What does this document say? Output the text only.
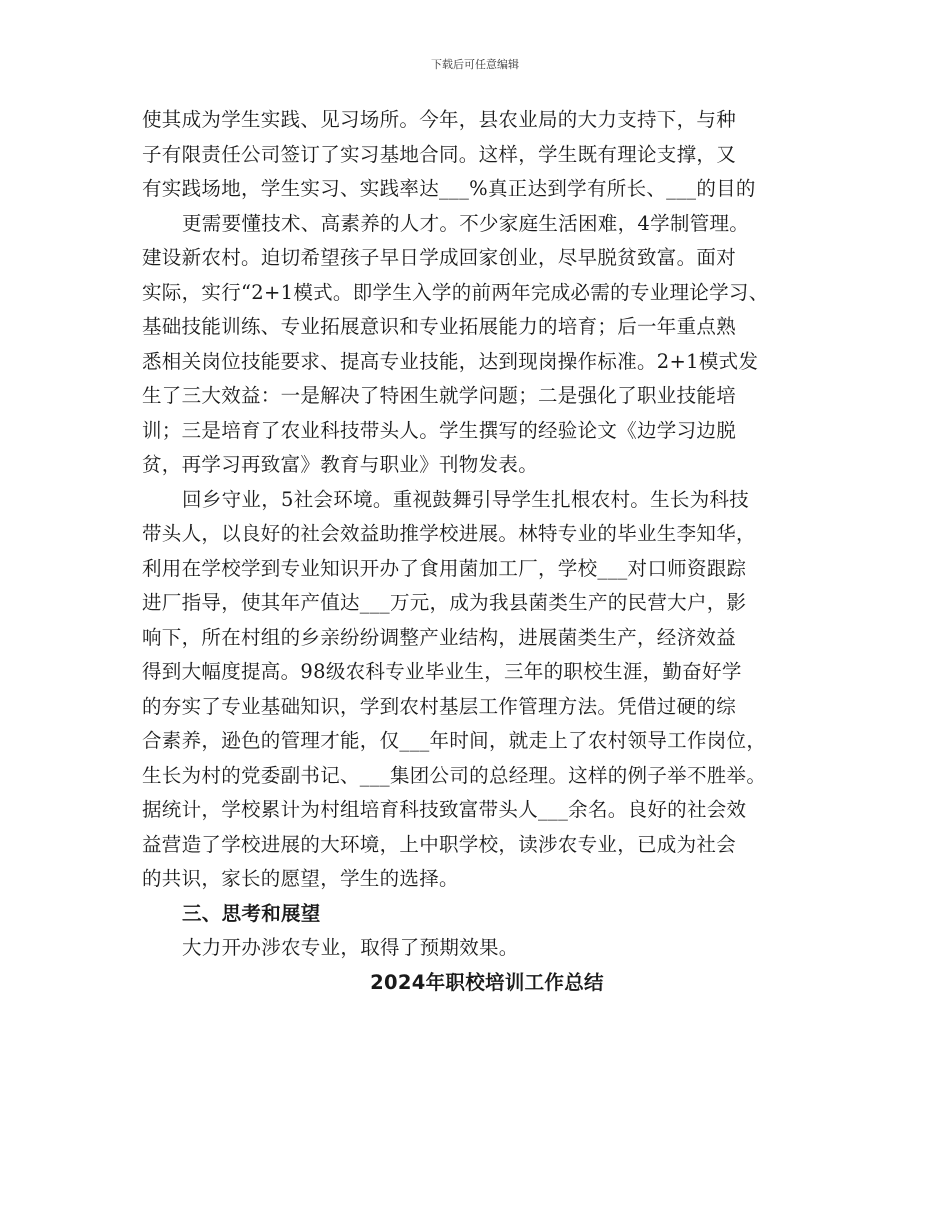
下载后可任意编辑
使其成为学生实践、见习场所。今年，县农业局的大力支持下，与种
子有限责任公司签订了实习基地合同。这样，学生既有理论支撑，又
有实践场地，学生实习、实践率达___%真正达到学有所长、___的目的
更需要懂技术、高素养的人才。不少家庭生活困难，4学制管理。
建设新农村。迫切希望孩子早日学成回家创业，尽早脱贫致富。面对
实际，实行“2+1模式。即学生入学的前两年完成必需的专业理论学习、
基础技能训练、专业拓展意识和专业拓展能力的培育；后一年重点熟
悉相关岗位技能要求、提高专业技能，达到现岗操作标准。2+1模式发
生了三大效益：一是解决了特困生就学问题；二是强化了职业技能培
训；三是培育了农业科技带头人。学生撰写的经验论文《边学习边脱
贫，再学习再致富》教育与职业》刊物发表。
回乡守业，5社会环境。重视鼓舞引导学生扎根农村。生长为科技
带头人，以良好的社会效益助推学校进展。林特专业的毕业生李知华，
利用在学校学到专业知识开办了食用菌加工厂，学校___对口师资跟踪
进厂指导，使其年产值达___万元，成为我县菌类生产的民营大户，影
响下，所在村组的乡亲纷纷调整产业结构，进展菌类生产，经济效益
得到大幅度提高。98级农科专业毕业生，三年的职校生涯，勤奋好学
的夯实了专业基础知识，学到农村基层工作管理方法。凭借过硬的综
合素养，逊色的管理才能，仅___年时间，就走上了农村领导工作岗位，
生长为村的党委副书记、___集团公司的总经理。这样的例子举不胜举。
据统计，学校累计为村组培育科技致富带头人___余名。良好的社会效
益营造了学校进展的大环境，上中职学校，读涉农专业，已成为社会
的共识，家长的愿望，学生的选择。
三、思考和展望
大力开办涉农专业，取得了预期效果。
2024年职校培训工作总结
